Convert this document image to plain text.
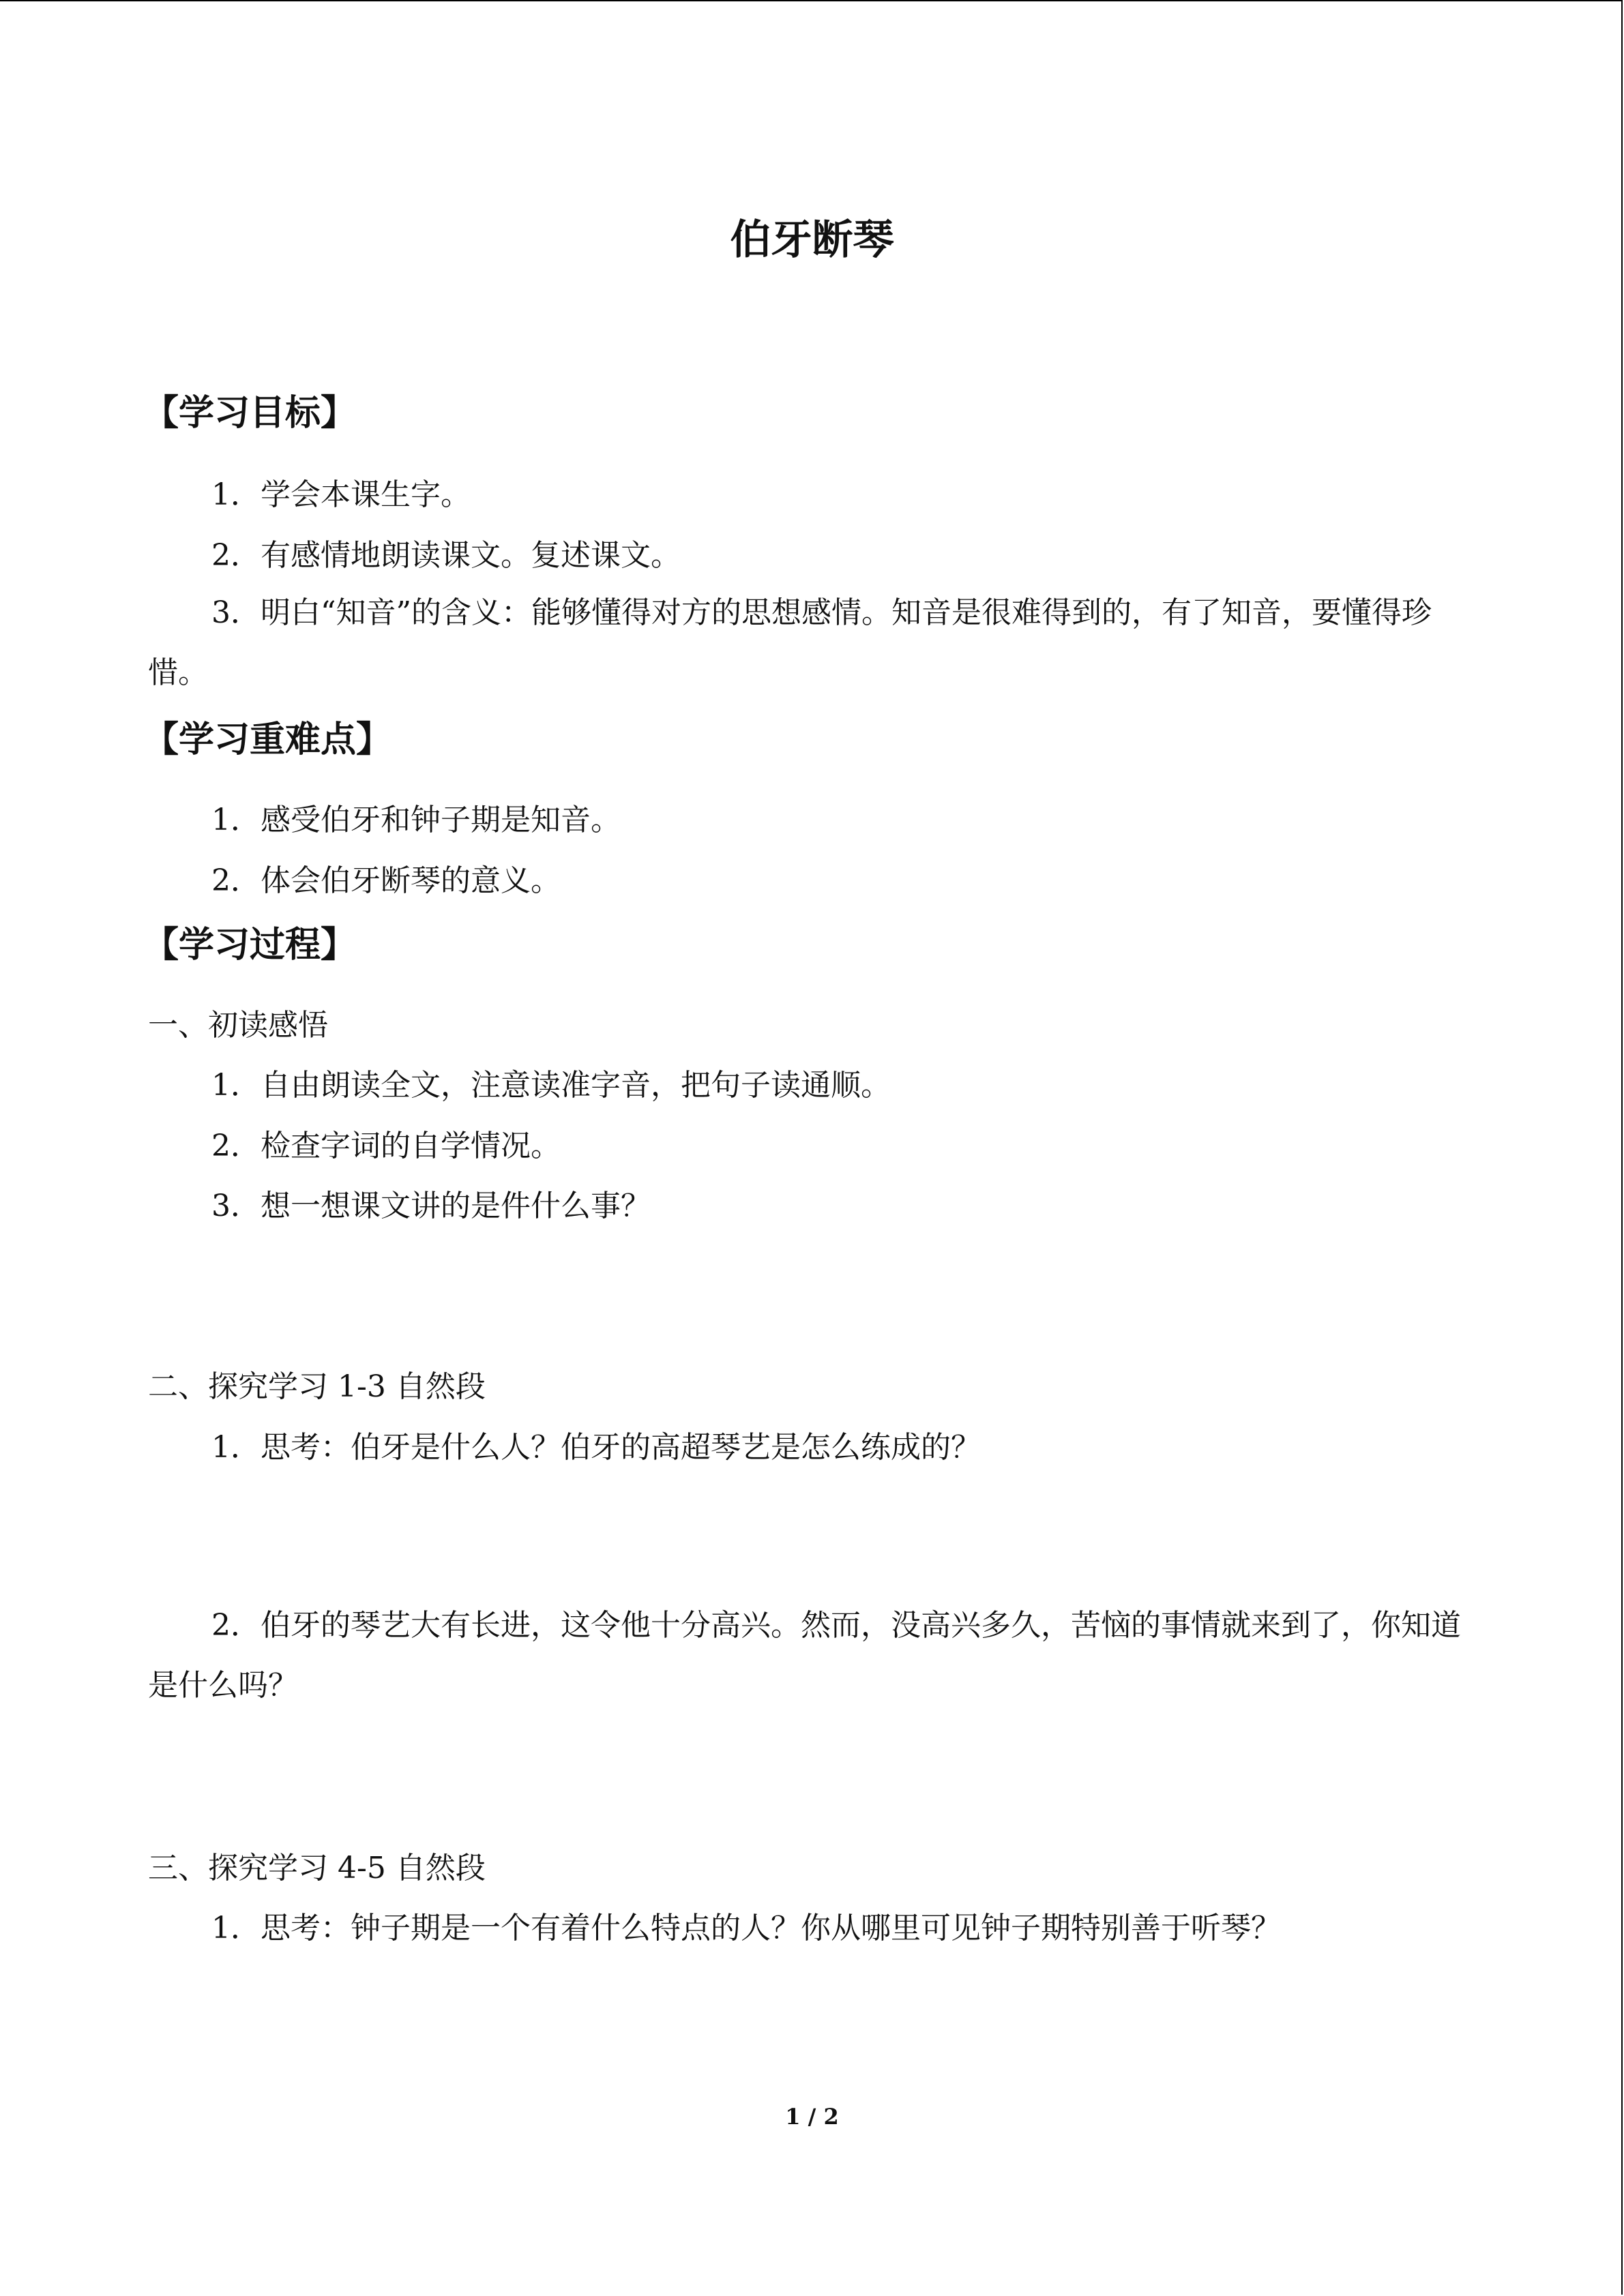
伯牙断琴
【学习目标】
1．学会本课生字。
2．有感情地朗读课文。复述课文。
3．明白“知音”的含义：能够懂得对方的思想感情。知音是很难得到的，有了知音，要懂得珍惜。
【学习重难点】
1．感受伯牙和钟子期是知音。
2．体会伯牙断琴的意义。
【学习过程】
一、初读感悟
1．自由朗读全文，注意读准字音，把句子读通顺。
2．检查字词的自学情况。
3．想一想课文讲的是件什么事？
二、探究学习 1-3 自然段
1．思考：伯牙是什么人？伯牙的高超琴艺是怎么练成的？
2．伯牙的琴艺大有长进，这令他十分高兴。然而，没高兴多久，苦恼的事情就来到了，你知道是什么吗？
三、探究学习 4-5 自然段
1．思考：钟子期是一个有着什么特点的人？你从哪里可见钟子期特别善于听琴？
1 / 2
